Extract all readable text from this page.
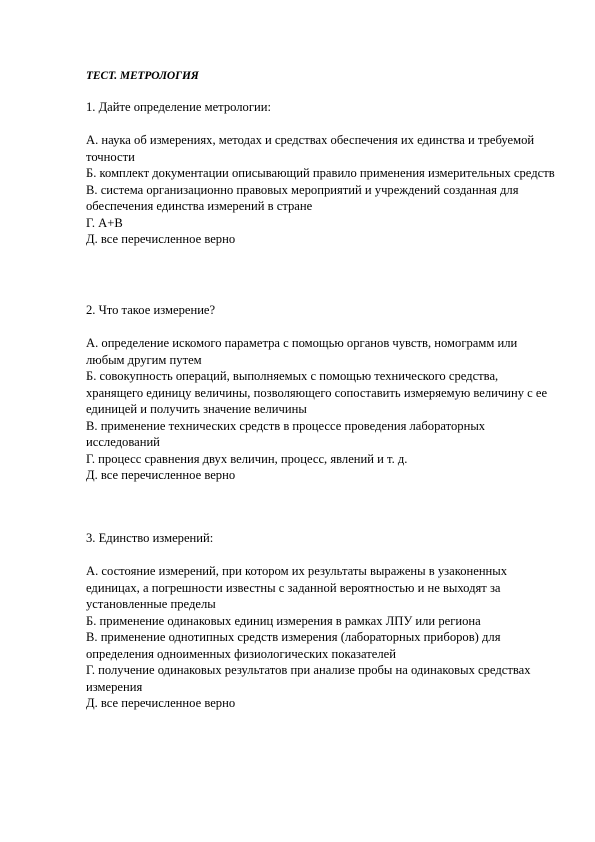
ТЕСТ. МЕТРОЛОГИЯ

1. Дайте определение метрологии:

А. наука об измерениях, методах и средствах обеспечения их единства и требуемой точности
Б. комплект документации описывающий правило применения измерительных средств
В. система организационно правовых мероприятий и учреждений созданная для обеспечения единства измерений в стране
Г. А+В
Д. все перечисленное верно

2. Что такое измерение?

А. определение искомого параметра с помощью органов чувств, номограмм или любым другим путем
Б. совокупность операций, выполняемых с помощью технического средства, хранящего единицу величины, позволяющего сопоставить измеряемую величину с ее единицей и получить значение величины
В. применение технических средств в процессе проведения лабораторных исследований
Г. процесс сравнения двух величин, процесс, явлений и т. д.
Д. все перечисленное верно

3. Единство измерений:

А. состояние измерений, при котором их результаты выражены в узаконенных единицах, а погрешности известны с заданной вероятностью и не выходят за установленные пределы
Б. применение одинаковых единиц измерения в рамках ЛПУ или региона
В. применение однотипных средств измерения (лабораторных приборов) для определения одноименных физиологических показателей
Г. получение одинаковых результатов при анализе пробы на одинаковых средствах измерения
Д. все перечисленное верно
